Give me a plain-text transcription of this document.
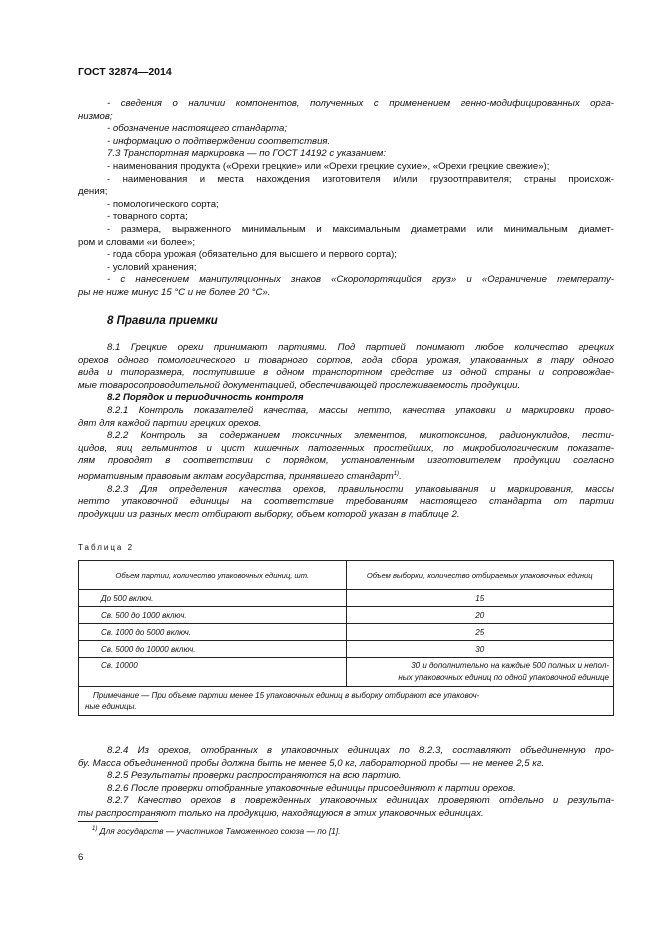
ГОСТ 32874—2014
- сведения о наличии компонентов, полученных с применением генно-модифицированных орга-
низмов;
- обозначение настоящего стандарта;
- информацию о подтверждении соответствия.
7.3 Транспортная маркировка — по ГОСТ 14192 с указанием:
- наименования продукта («Орехи грецкие» или «Орехи грецкие сухие», «Орехи грецкие свежие»);
- наименования и места нахождения изготовителя и/или грузоотправителя; страны происхож-
дения;
- помологического сорта;
- товарного сорта;
- размера, выраженного минимальным и максимальным диаметрами или минимальным диамет-
ром и словами «и более»;
- года сбора урожая (обязательно для высшего и первого сорта);
- условий хранения;
- с нанесением манипуляционных знаков «Скоропортящийся груз» и «Ограничение температу-
ры не ниже минус 15 °С и не более 20 °С».
8 Правила приемки
8.1 Грецкие орехи принимают партиями. Под партией понимают любое количество грецких
орехов одного помологического и товарного сортов, года сбора урожая, упакованных в тару одного
вида и типоразмера, поступившие в одном транспортном средстве из одной страны и сопровождае-
мые товаросопроводительной документацией, обеспечивающей прослеживаемость продукции.
8.2 Порядок и периодичность контроля
8.2.1 Контроль показателей качества, массы нетто, качества упаковки и маркировки прово-
дят для каждой партии грецких орехов.
8.2.2 Контроль за содержанием токсичных элементов, микотоксинов, радионуклидов, пести-
цидов, яиц гельминтов и цист кишечных патогенных простейших, по микробиологическим показате-
лям проводят в соответствии с порядком, установленным изготовителем продукции согласно
нормативным правовым актам государства, принявшего стандарт$^{1)}$.
8.2.3 Для определения качества орехов, правильности упаковывания и маркирования, массы
нетто упаковочной единицы на соответствие требованиям настоящего стандарта от партии
продукции из разных мест отбирают выборку, объем которой указан в таблице 2.
Таблица 2
Объем партии, количество упаковочных единиц, шт.	Объем выборки, количество отбираемых упаковочных единиц
До 500 включ.	15
Св. 500 до 1000 включ.	20
Св. 1000 до 5000 включ.	25
Св. 5000 до 10000 включ.	30
Св. 10000	30 и дополнительно на каждые 500 полных и непол-
ных упаковочных единиц по одной упаковочной единице

Примечание — При объеме партии менее 15 упаковочных единиц в выборку отбирают все упаковоч-
ные единицы.	
8.2.4 Из орехов, отобранных в упаковочных единицах по 8.2.3, составляют объединенную про-
бу. Масса объединенной пробы должна быть не менее 5,0 кг, лабораторной пробы — не менее 2,5 кг.
8.2.5 Результаты проверки распространяются на всю партию.
8.2.6 После проверки отобранные упаковочные единицы присоединяют к партии орехов.
8.2.7 Качество орехов в поврежденных упаковочных единицах проверяют отдельно и результа-
ты распространяют только на продукцию, находящуюся в этих упаковочных единицах.
$^{1)}$ Для государств — участников Таможенного союза — по [1].
6
